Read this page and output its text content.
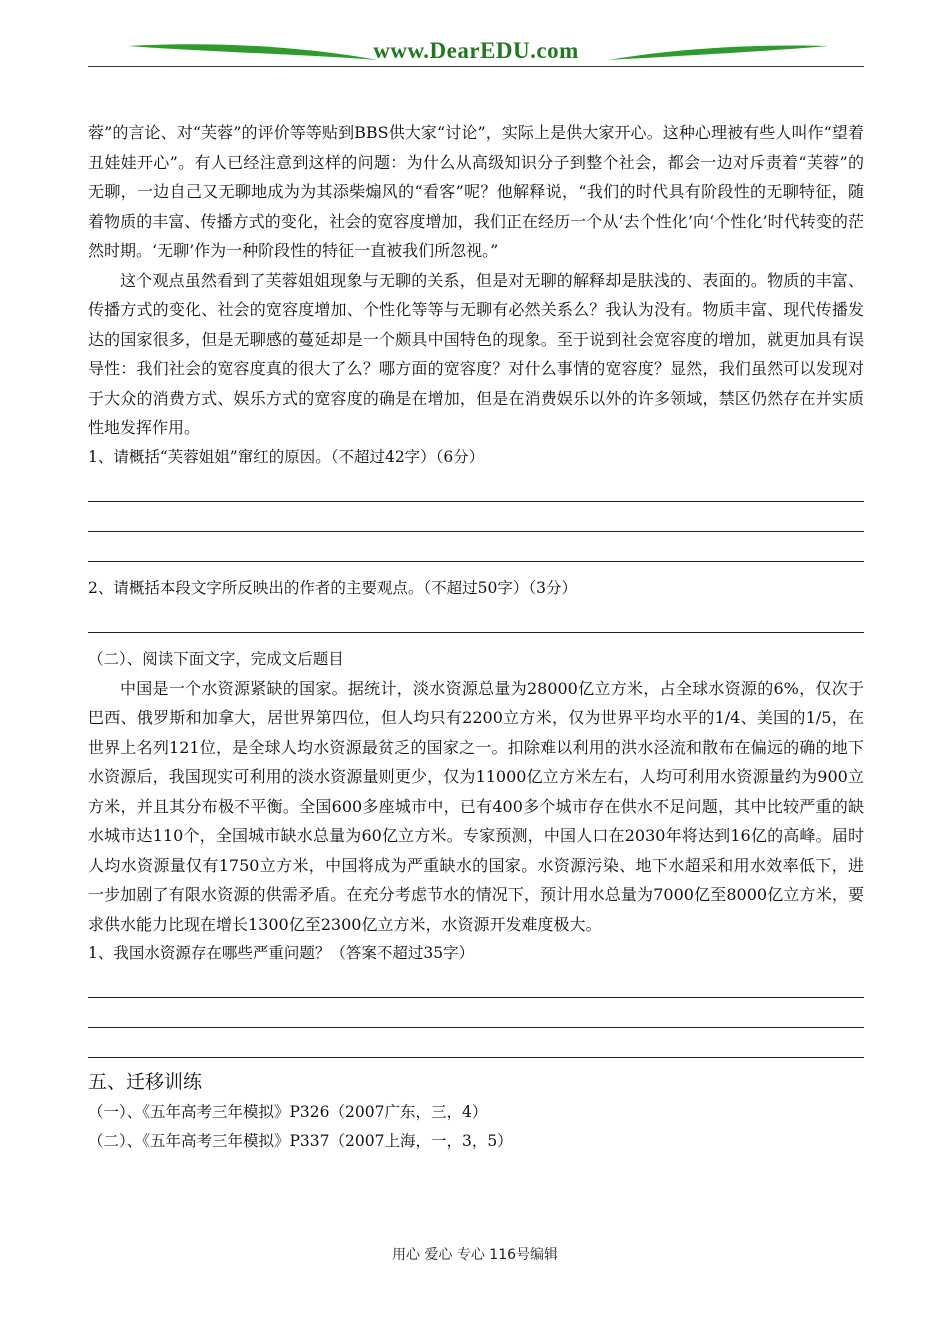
www.DearEDU.com

蓉”的言论、对“芙蓉”的评价等等贴到BBS供大家“讨论”，实际上是供大家开心。这种心理被有些人叫作“望着丑娃娃开心”。有人已经注意到这样的问题：为什么从高级知识分子到整个社会，都会一边对斥责着“芙蓉”的无聊，一边自己又无聊地成为为其添柴煽风的“看客”呢？他解释说，“我们的时代具有阶段性的无聊特征，随着物质的丰富、传播方式的变化，社会的宽容度增加，我们正在经历一个从‘去个性化’向‘个性化’时代转变的茫然时期。‘无聊’作为一种阶段性的特征一直被我们所忽视。”

这个观点虽然看到了芙蓉姐姐现象与无聊的关系，但是对无聊的解释却是肤浅的、表面的。物质的丰富、传播方式的变化、社会的宽容度增加、个性化等等与无聊有必然关系么？我认为没有。物质丰富、现代传播发达的国家很多，但是无聊感的蔓延却是一个颇具中国特色的现象。至于说到社会宽容度的增加，就更加具有误导性：我们社会的宽容度真的很大了么？哪方面的宽容度？对什么事情的宽容度？显然，我们虽然可以发现对于大众的消费方式、娱乐方式的宽容度的确是在增加，但是在消费娱乐以外的许多领域，禁区仍然存在并实质性地发挥作用。

1、请概括“芙蓉姐姐”窜红的原因。（不超过42字）（6分）
2、请概括本段文字所反映出的作者的主要观点。（不超过50字）（3分）
（二）、阅读下面文字，完成文后题目

中国是一个水资源紧缺的国家。据统计，淡水资源总量为28000亿立方米，占全球水资源的6%，仅次于巴西、俄罗斯和加拿大，居世界第四位，但人均只有2200立方米，仅为世界平均水平的1/4、美国的1/5，在世界上名列121位，是全球人均水资源最贫乏的国家之一。扣除难以利用的洪水泾流和散布在偏远的确的地下水资源后，我国现实可利用的淡水资源量则更少，仅为11000亿立方米左右，人均可利用水资源量约为900立方米，并且其分布极不平衡。全国600多座城市中，已有400多个城市存在供水不足问题，其中比较严重的缺水城市达110个，全国城市缺水总量为60亿立方米。专家预测，中国人口在2030年将达到16亿的高峰。届时人均水资源量仅有1750立方米，中国将成为严重缺水的国家。水资源污染、地下水超采和用水效率低下，进一步加剧了有限水资源的供需矛盾。在充分考虑节水的情况下，预计用水总量为7000亿至8000亿立方米，要求供水能力比现在增长1300亿至2300亿立方米，水资源开发难度极大。

1、我国水资源存在哪些严重问题？（答案不超过35字）
五、迁移训练
（一）、《五年高考三年模拟》P326（2007广东，三，4）
（二）、《五年高考三年模拟》P337（2007上海，一，3，5）
用心 爱心 专心 116号编辑
